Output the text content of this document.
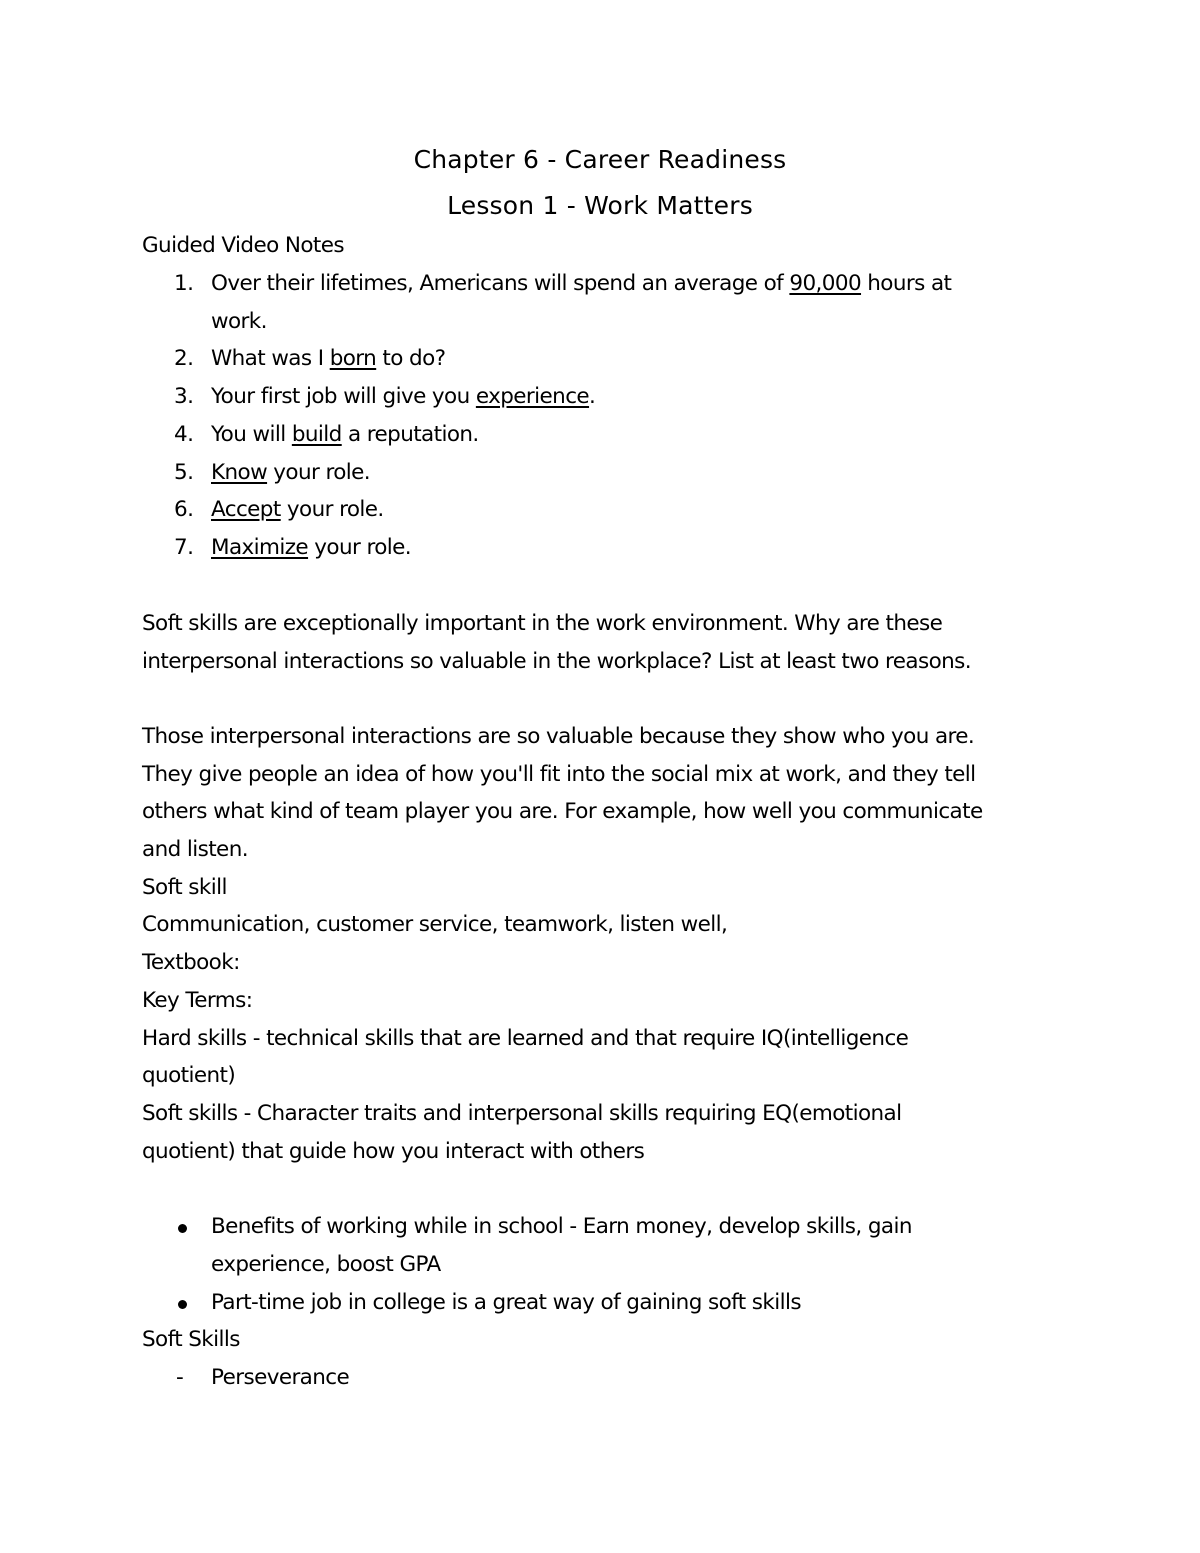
Chapter 6 - Career Readiness
Lesson 1 - Work Matters
Guided Video Notes
1. Over their lifetimes, Americans will spend an average of 90,000 hours at
work.
2. What was I born to do?
3. Your first job will give you experience.
4. You will build a reputation.
5. Know your role.
6. Accept your role.
7. Maximize your role.
Soft skills are exceptionally important in the work environment. Why are these
interpersonal interactions so valuable in the workplace? List at least two reasons.
Those interpersonal interactions are so valuable because they show who you are.
They give people an idea of how you'll fit into the social mix at work, and they tell
others what kind of team player you are. For example, how well you communicate
and listen.
Soft skill
Communication, customer service, teamwork, listen well,
Textbook:
Key Terms:
Hard skills - technical skills that are learned and that require IQ(intelligence
quotient)
Soft skills - Character traits and interpersonal skills requiring EQ(emotional
quotient) that guide how you interact with others
Benefits of working while in school - Earn money, develop skills, gain
experience, boost GPA
Part-time job in college is a great way of gaining soft skills
Soft Skills
- Perseverance
